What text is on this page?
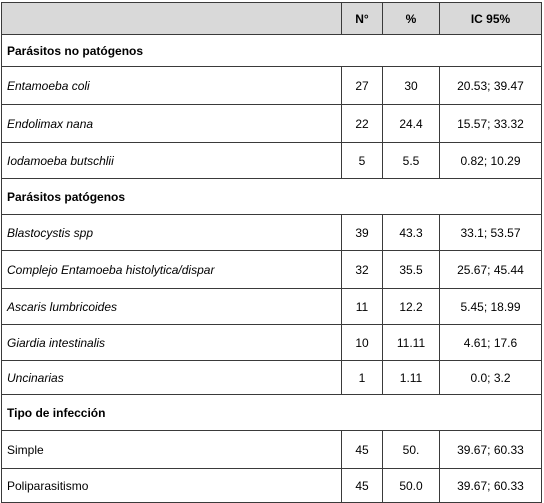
	N°	%	IC 95%
Parásitos no patógenos			
Entamoeba coli	27	30	20.53; 39.47
Endolimax nana	22	24.4	15.57; 33.32
Iodamoeba butschlii	5	5.5	0.82; 10.29
Parásitos patógenos			
Blastocystis spp	39	43.3	33.1; 53.57
Complejo Entamoeba histolytica/dispar	32	35.5	25.67; 45.44
Ascaris lumbricoides	11	12.2	5.45; 18.99
Giardia intestinalis	10	11.11	4.61; 17.6
Uncinarias	1	1.11	0.0; 3.2
Tipo de infección			
Simple	45	50.	39.67; 60.33
Poliparasitismo	45	50.0	39.67; 60.33
